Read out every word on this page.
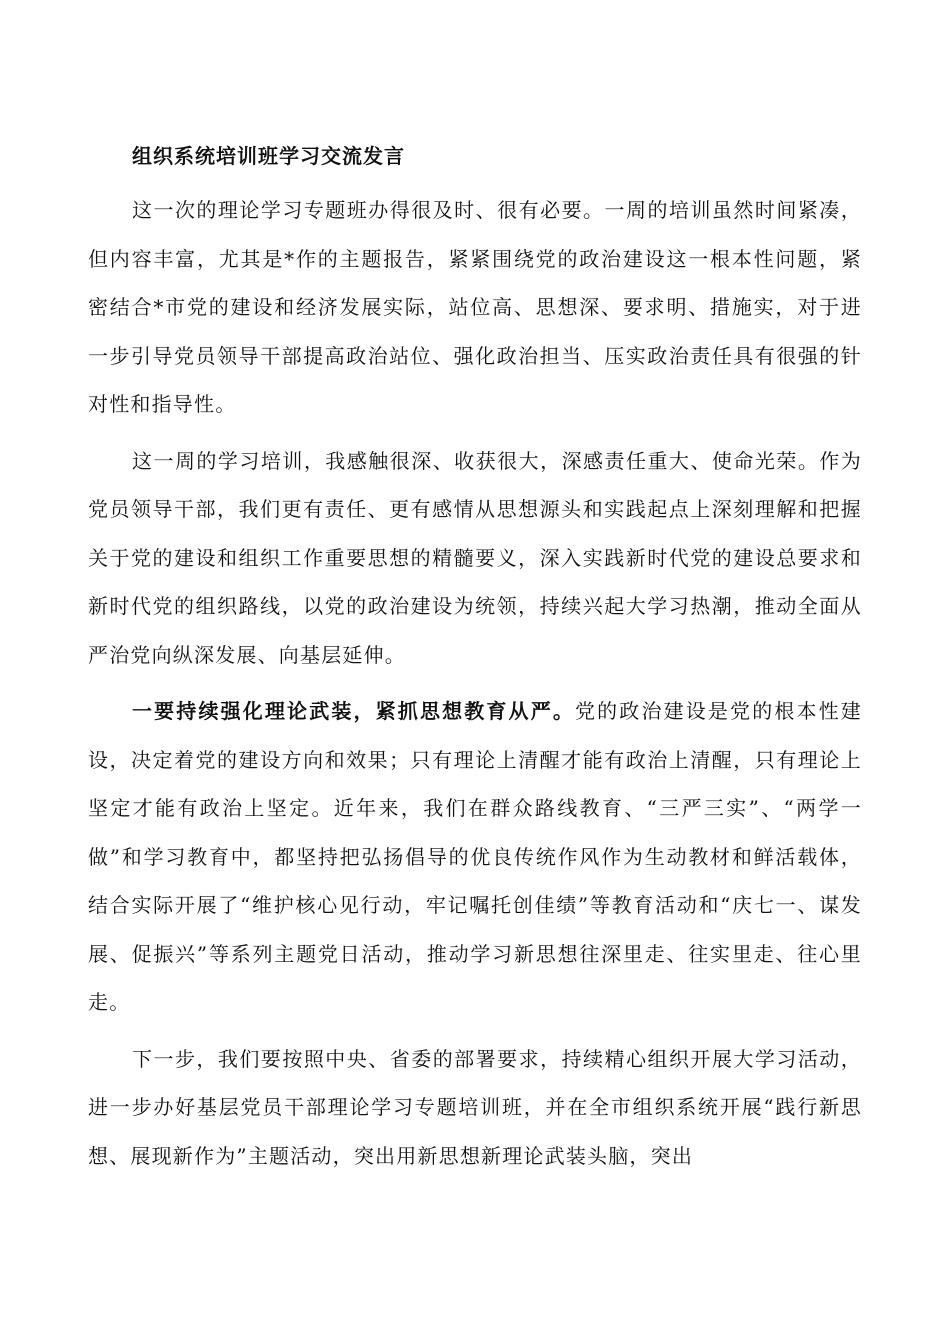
组织系统培训班学习交流发言

这一次的理论学习专题班办得很及时、很有必要。一周的培训虽然时间紧凑，但内容丰富，尤其是*作的主题报告，紧紧围绕党的政治建设这一根本性问题，紧密结合*市党的建设和经济发展实际，站位高、思想深、要求明、措施实，对于进一步引导党员领导干部提高政治站位、强化政治担当、压实政治责任具有很强的针对性和指导性。

这一周的学习培训，我感触很深、收获很大，深感责任重大、使命光荣。作为党员领导干部，我们更有责任、更有感情从思想源头和实践起点上深刻理解和把握关于党的建设和组织工作重要思想的精髓要义，深入实践新时代党的建设总要求和新时代党的组织路线，以党的政治建设为统领，持续兴起大学习热潮，推动全面从严治党向纵深发展、向基层延伸。

一要持续强化理论武装，紧抓思想教育从严。党的政治建设是党的根本性建设，决定着党的建设方向和效果；只有理论上清醒才能有政治上清醒，只有理论上坚定才能有政治上坚定。近年来，我们在群众路线教育、“三严三实”、“两学一做”和学习教育中，都坚持把弘扬倡导的优良传统作风作为生动教材和鲜活载体，结合实际开展了“维护核心见行动，牢记嘱托创佳绩”等教育活动和“庆七一、谋发展、促振兴”等系列主题党日活动，推动学习新思想往深里走、往实里走、往心里走。

下一步，我们要按照中央、省委的部署要求，持续精心组织开展大学习活动，进一步办好基层党员干部理论学习专题培训班，并在全市组织系统开展“践行新思想、展现新作为”主题活动，突出用新思想新理论武装头脑，突出
